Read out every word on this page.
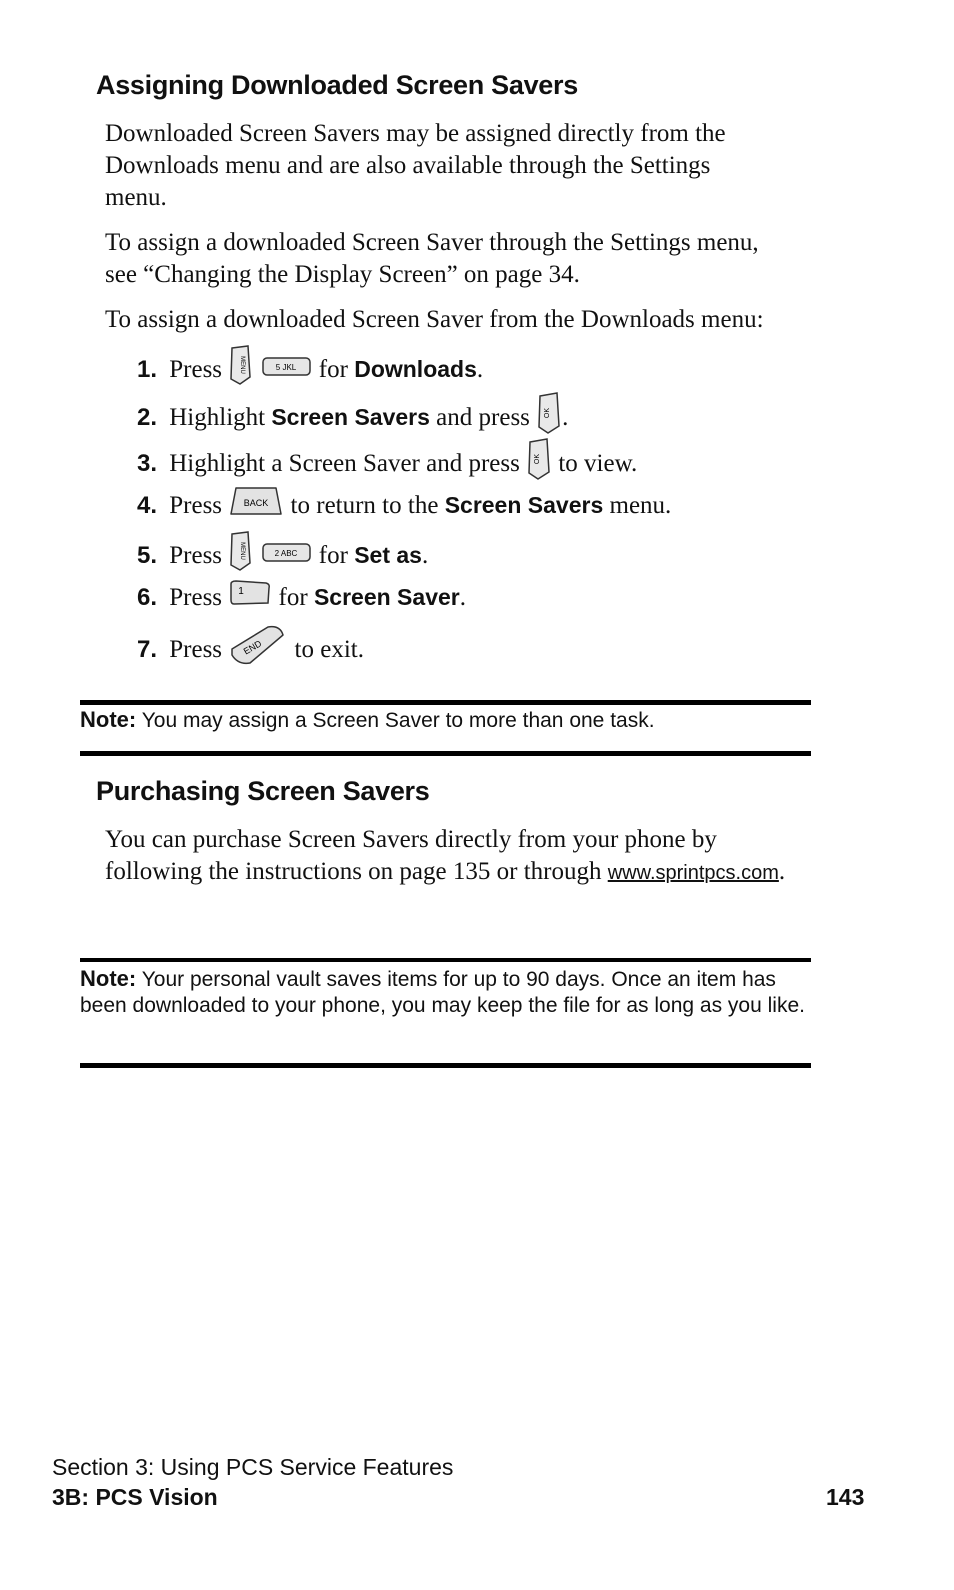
Assigning Downloaded Screen Savers

Downloaded Screen Savers may be assigned directly from the Downloads menu and are also available through the Settings menu.

To assign a downloaded Screen Saver through the Settings menu, see “Changing the Display Screen” on page 34.

To assign a downloaded Screen Saver from the Downloads menu:

1. Press	MENU
	5 JKL for Downloads.
2. Highlight Screen Savers and press OK .
3. Highlight a Screen Saver and press OK to view.
4. Press BACK to return to the Screen Savers menu.
5. Press	MENU
	2 ABC for Set as.
6. Press 1 for Screen Saver.
7. Press END to exit.
Note: You may assign a Screen Saver to more than one task.
Purchasing Screen Savers

You can purchase Screen Savers directly from your phone by following the instructions on page 135 or through www.sprintpcs.com.

Note: Your personal vault saves items for up to 90 days. Once an item has been downloaded to your phone, you may keep the file for as long as you like.
Section 3: Using PCS Service Features
3B: PCS Vision	143
